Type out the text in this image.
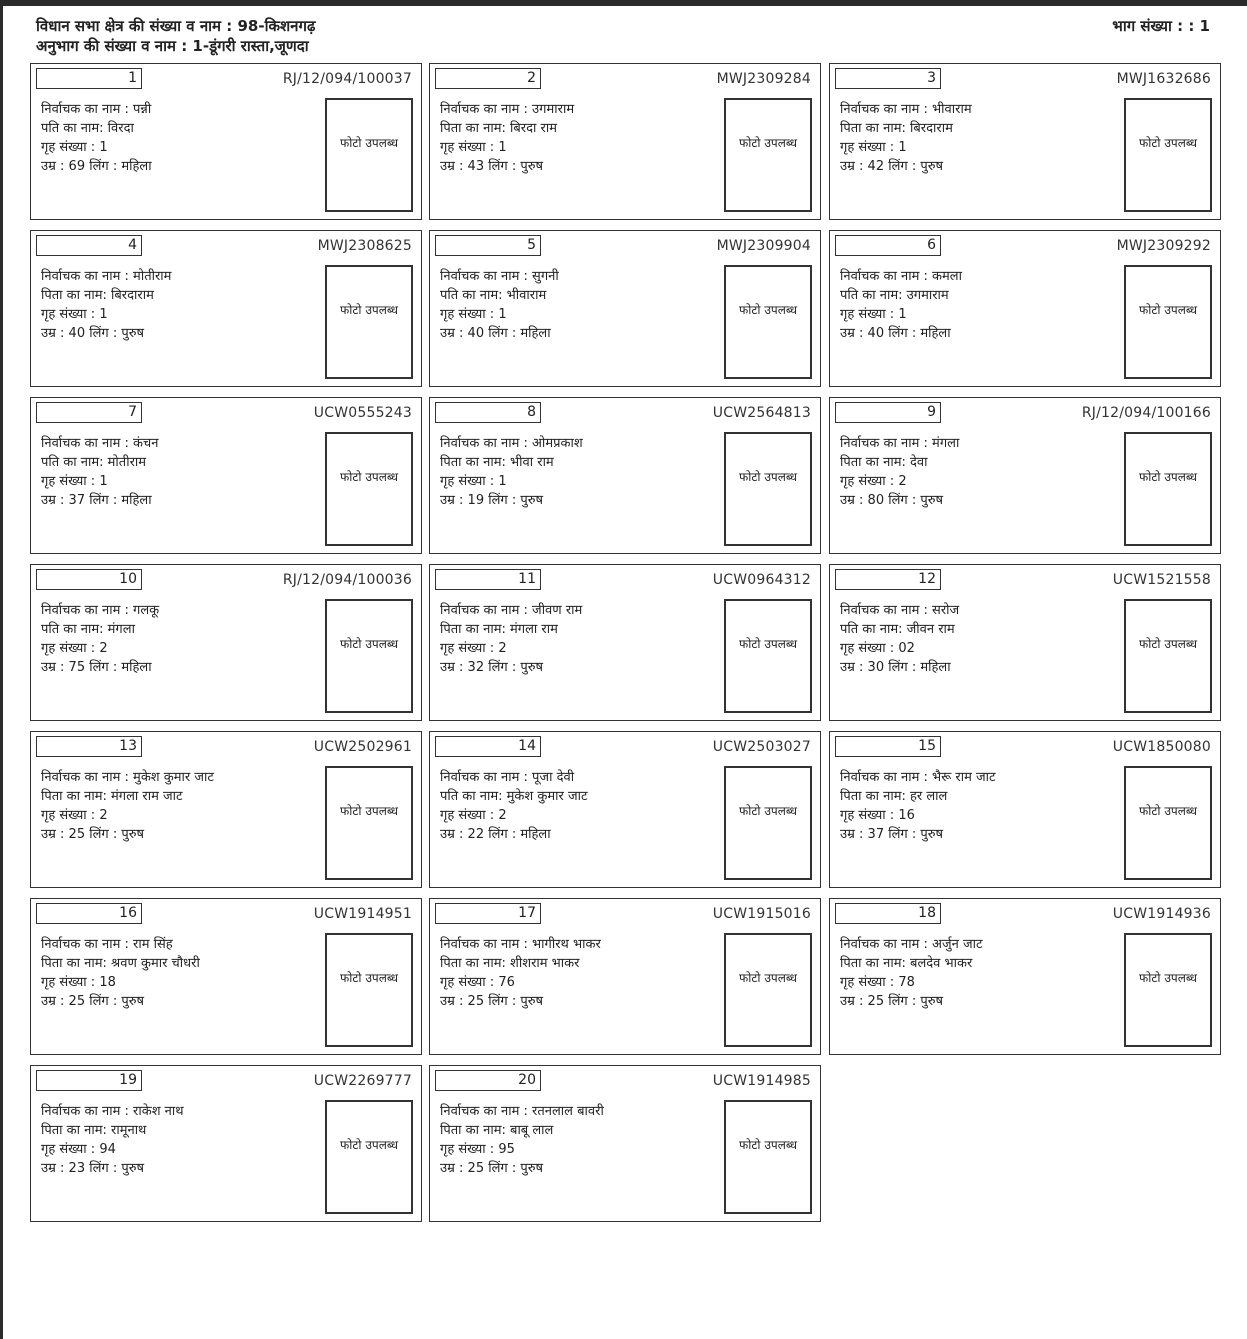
विधान सभा क्षेत्र की संख्या व नाम : 98-किशनगढ़
अनुभाग की संख्या व नाम : 1-डूंगरी रास्ता,जूणदा
भाग संख्या : : 1
1	RJ/12/094/100037
निर्वाचक का नाम : पन्नी
पति का नाम: विरदा
गृह संख्या : 1
उम्र : 69 लिंग : महिला
फोटो उपलब्ध
2	MWJ2309284
निर्वाचक का नाम : उगमाराम
पिता का नाम: बिरदा राम
गृह संख्या : 1
उम्र : 43 लिंग : पुरुष
फोटो उपलब्ध
3	MWJ1632686
निर्वाचक का नाम : भीवाराम
पिता का नाम: बिरदाराम
गृह संख्या : 1
उम्र : 42 लिंग : पुरुष
फोटो उपलब्ध
4	MWJ2308625
निर्वाचक का नाम : मोतीराम
पिता का नाम: बिरदाराम
गृह संख्या : 1
उम्र : 40 लिंग : पुरुष
फोटो उपलब्ध
5	MWJ2309904
निर्वाचक का नाम : सुगनी
पति का नाम: भीवाराम
गृह संख्या : 1
उम्र : 40 लिंग : महिला
फोटो उपलब्ध
6	MWJ2309292
निर्वाचक का नाम : कमला
पति का नाम: उगमाराम
गृह संख्या : 1
उम्र : 40 लिंग : महिला
फोटो उपलब्ध
7	UCW0555243
निर्वाचक का नाम : कंचन
पति का नाम: मोतीराम
गृह संख्या : 1
उम्र : 37 लिंग : महिला
फोटो उपलब्ध
8	UCW2564813
निर्वाचक का नाम : ओमप्रकाश
पिता का नाम: भीवा राम
गृह संख्या : 1
उम्र : 19 लिंग : पुरुष
फोटो उपलब्ध
9	RJ/12/094/100166
निर्वाचक का नाम : मंगला
पिता का नाम: देवा
गृह संख्या : 2
उम्र : 80 लिंग : पुरुष
फोटो उपलब्ध
10	RJ/12/094/100036
निर्वाचक का नाम : गलकू
पति का नाम: मंगला
गृह संख्या : 2
उम्र : 75 लिंग : महिला
फोटो उपलब्ध
11	UCW0964312
निर्वाचक का नाम : जीवण राम
पिता का नाम: मंगला राम
गृह संख्या : 2
उम्र : 32 लिंग : पुरुष
फोटो उपलब्ध
12	UCW1521558
निर्वाचक का नाम : सरोज
पति का नाम: जीवन राम
गृह संख्या : 02
उम्र : 30 लिंग : महिला
फोटो उपलब्ध
13	UCW2502961
निर्वाचक का नाम : मुकेश कुमार जाट
पिता का नाम: मंगला राम जाट
गृह संख्या : 2
उम्र : 25 लिंग : पुरुष
फोटो उपलब्ध
14	UCW2503027
निर्वाचक का नाम : पूजा देवी
पति का नाम: मुकेश कुमार जाट
गृह संख्या : 2
उम्र : 22 लिंग : महिला
फोटो उपलब्ध
15	UCW1850080
निर्वाचक का नाम : भैरू राम जाट
पिता का नाम: हर लाल
गृह संख्या : 16
उम्र : 37 लिंग : पुरुष
फोटो उपलब्ध
16	UCW1914951
निर्वाचक का नाम : राम सिंह
पिता का नाम: श्रवण कुमार चौधरी
गृह संख्या : 18
उम्र : 25 लिंग : पुरुष
फोटो उपलब्ध
17	UCW1915016
निर्वाचक का नाम : भागीरथ भाकर
पिता का नाम: शीशराम भाकर
गृह संख्या : 76
उम्र : 25 लिंग : पुरुष
फोटो उपलब्ध
18	UCW1914936
निर्वाचक का नाम : अर्जुन जाट
पिता का नाम: बलदेव भाकर
गृह संख्या : 78
उम्र : 25 लिंग : पुरुष
फोटो उपलब्ध
19	UCW2269777
निर्वाचक का नाम : राकेश नाथ
पिता का नाम: रामूनाथ
गृह संख्या : 94
उम्र : 23 लिंग : पुरुष
फोटो उपलब्ध
20	UCW1914985
निर्वाचक का नाम : रतनलाल बावरी
पिता का नाम: बाबू लाल
गृह संख्या : 95
उम्र : 25 लिंग : पुरुष
फोटो उपलब्ध
